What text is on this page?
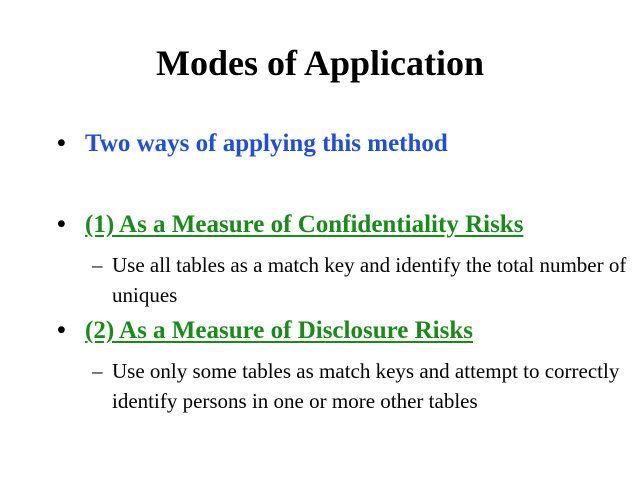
Modes of Application
• Two ways of applying this method
• (1) As a Measure of Confidentiality Risks
– Use all tables as a match key and identify the total number of uniques
• (2) As a Measure of Disclosure Risks
– Use only some tables as match keys and attempt to correctly identify persons in one or more other tables
